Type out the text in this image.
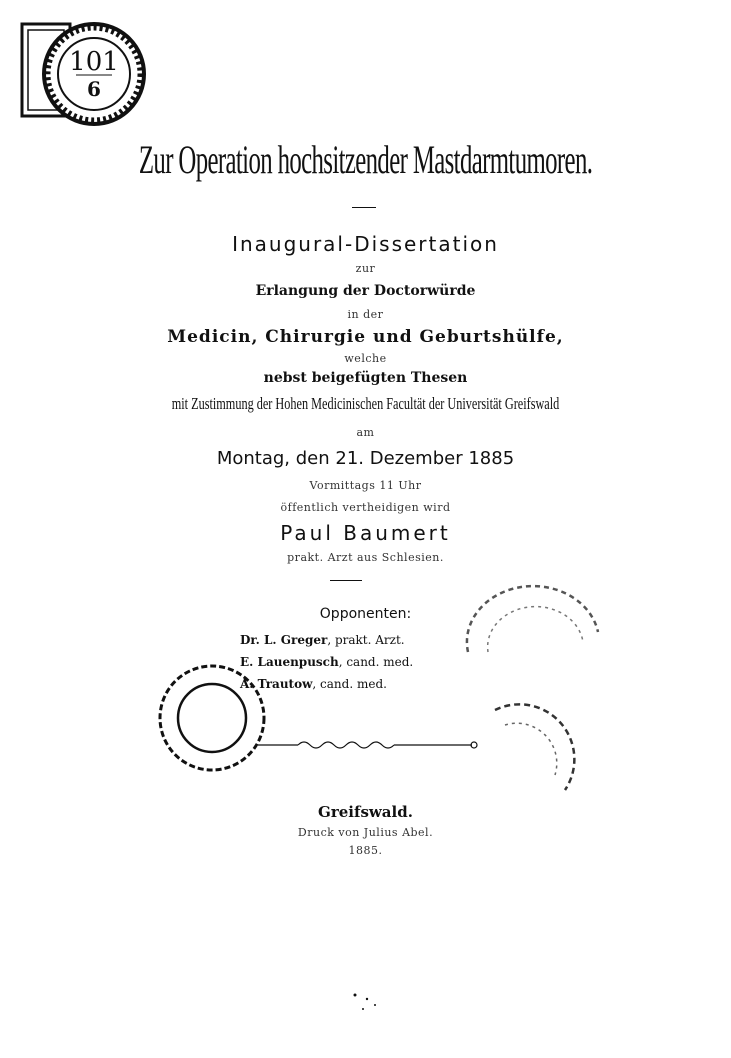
101
6
Zur Operation hochsitzender Mastdarmtumoren.
Inaugural-Dissertation
zur
Erlangung der Doctorwürde
in der
Medicin, Chirurgie und Geburtshülfe,
welche
nebst beigefügten Thesen
mit Zustimmung der Hohen Medicinischen Facultät der Universität Greifswald
am
Montag, den 21. Dezember 1885
Vormittags 11 Uhr
öffentlich vertheidigen wird
Paul Baumert
prakt. Arzt aus Schlesien.
Opponenten:
Dr. L. Greger, prakt. Arzt.
E. Lauenpusch, cand. med.
A. Trautow, cand. med.
Greifswald.
Druck von Julius Abel.
1885.
